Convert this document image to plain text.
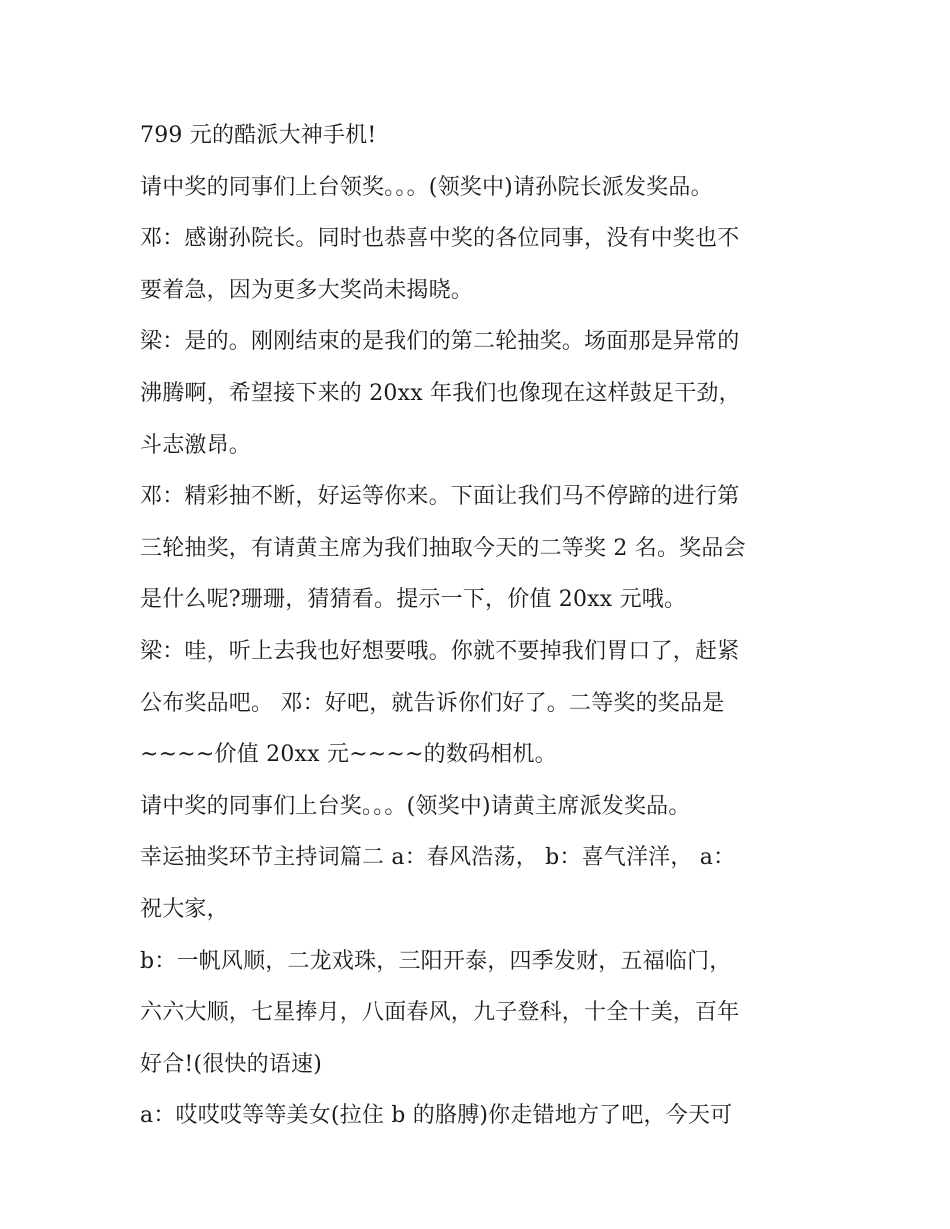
799 元的酷派大神手机!
请中奖的同事们上台领奖。。。(领奖中)请孙院长派发奖品。
邓：感谢孙院长。同时也恭喜中奖的各位同事，没有中奖也不
要着急，因为更多大奖尚未揭晓。
梁：是的。刚刚结束的是我们的第二轮抽奖。场面那是异常的
沸腾啊，希望接下来的 20xx 年我们也像现在这样鼓足干劲，
斗志激昂。
邓：精彩抽不断，好运等你来。下面让我们马不停蹄的进行第
三轮抽奖，有请黄主席为我们抽取今天的二等奖 2 名。奖品会
是什么呢?珊珊，猜猜看。提示一下，价值 20xx 元哦。
梁：哇，听上去我也好想要哦。你就不要掉我们胃口了，赶紧
公布奖品吧。 邓：好吧，就告诉你们好了。二等奖的奖品是
~~~~价值 20xx 元~~~~的数码相机。
请中奖的同事们上台奖。。。(领奖中)请黄主席派发奖品。
幸运抽奖环节主持词篇二 a：春风浩荡， b：喜气洋洋， a：
祝大家，
b：一帆风顺，二龙戏珠，三阳开泰，四季发财，五福临门，
六六大顺，七星捧月，八面春风，九子登科，十全十美，百年
好合!(很快的语速)
a：哎哎哎等等美女(拉住 b 的胳膊)你走错地方了吧，今天可
